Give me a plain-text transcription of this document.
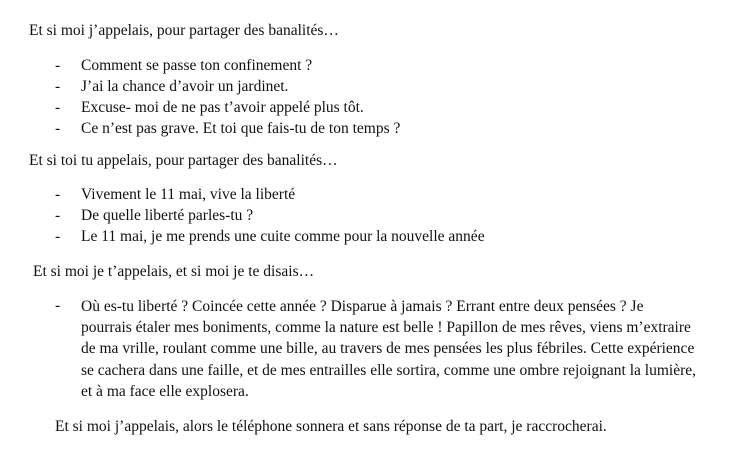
Et si moi j’appelais, pour partager des banalités…
- Comment se passe ton confinement ?
- J’ai la chance d’avoir un jardinet.
- Excuse- moi de ne pas t’avoir appelé plus tôt.
- Ce n’est pas grave. Et toi que fais-tu de ton temps ?
Et si toi tu appelais, pour partager des banalités…
- Vivement le 11 mai, vive la liberté
- De quelle liberté parles-tu ?
- Le 11 mai, je me prends une cuite comme pour la nouvelle année
Et si moi je t’appelais, et si moi je te disais…
- Où es-tu liberté ? Coincée cette année ? Disparue à jamais ? Errant entre deux pensées ? Je pourrais étaler mes boniments, comme la nature est belle ! Papillon de mes rêves, viens m’extraire de ma vrille, roulant comme une bille, au travers de mes pensées les plus fébriles. Cette expérience se cachera dans une faille, et de mes entrailles elle sortira, comme une ombre rejoignant la lumière, et à ma face elle explosera.
Et si moi j’appelais, alors le téléphone sonnera et sans réponse de ta part, je raccrocherai.
